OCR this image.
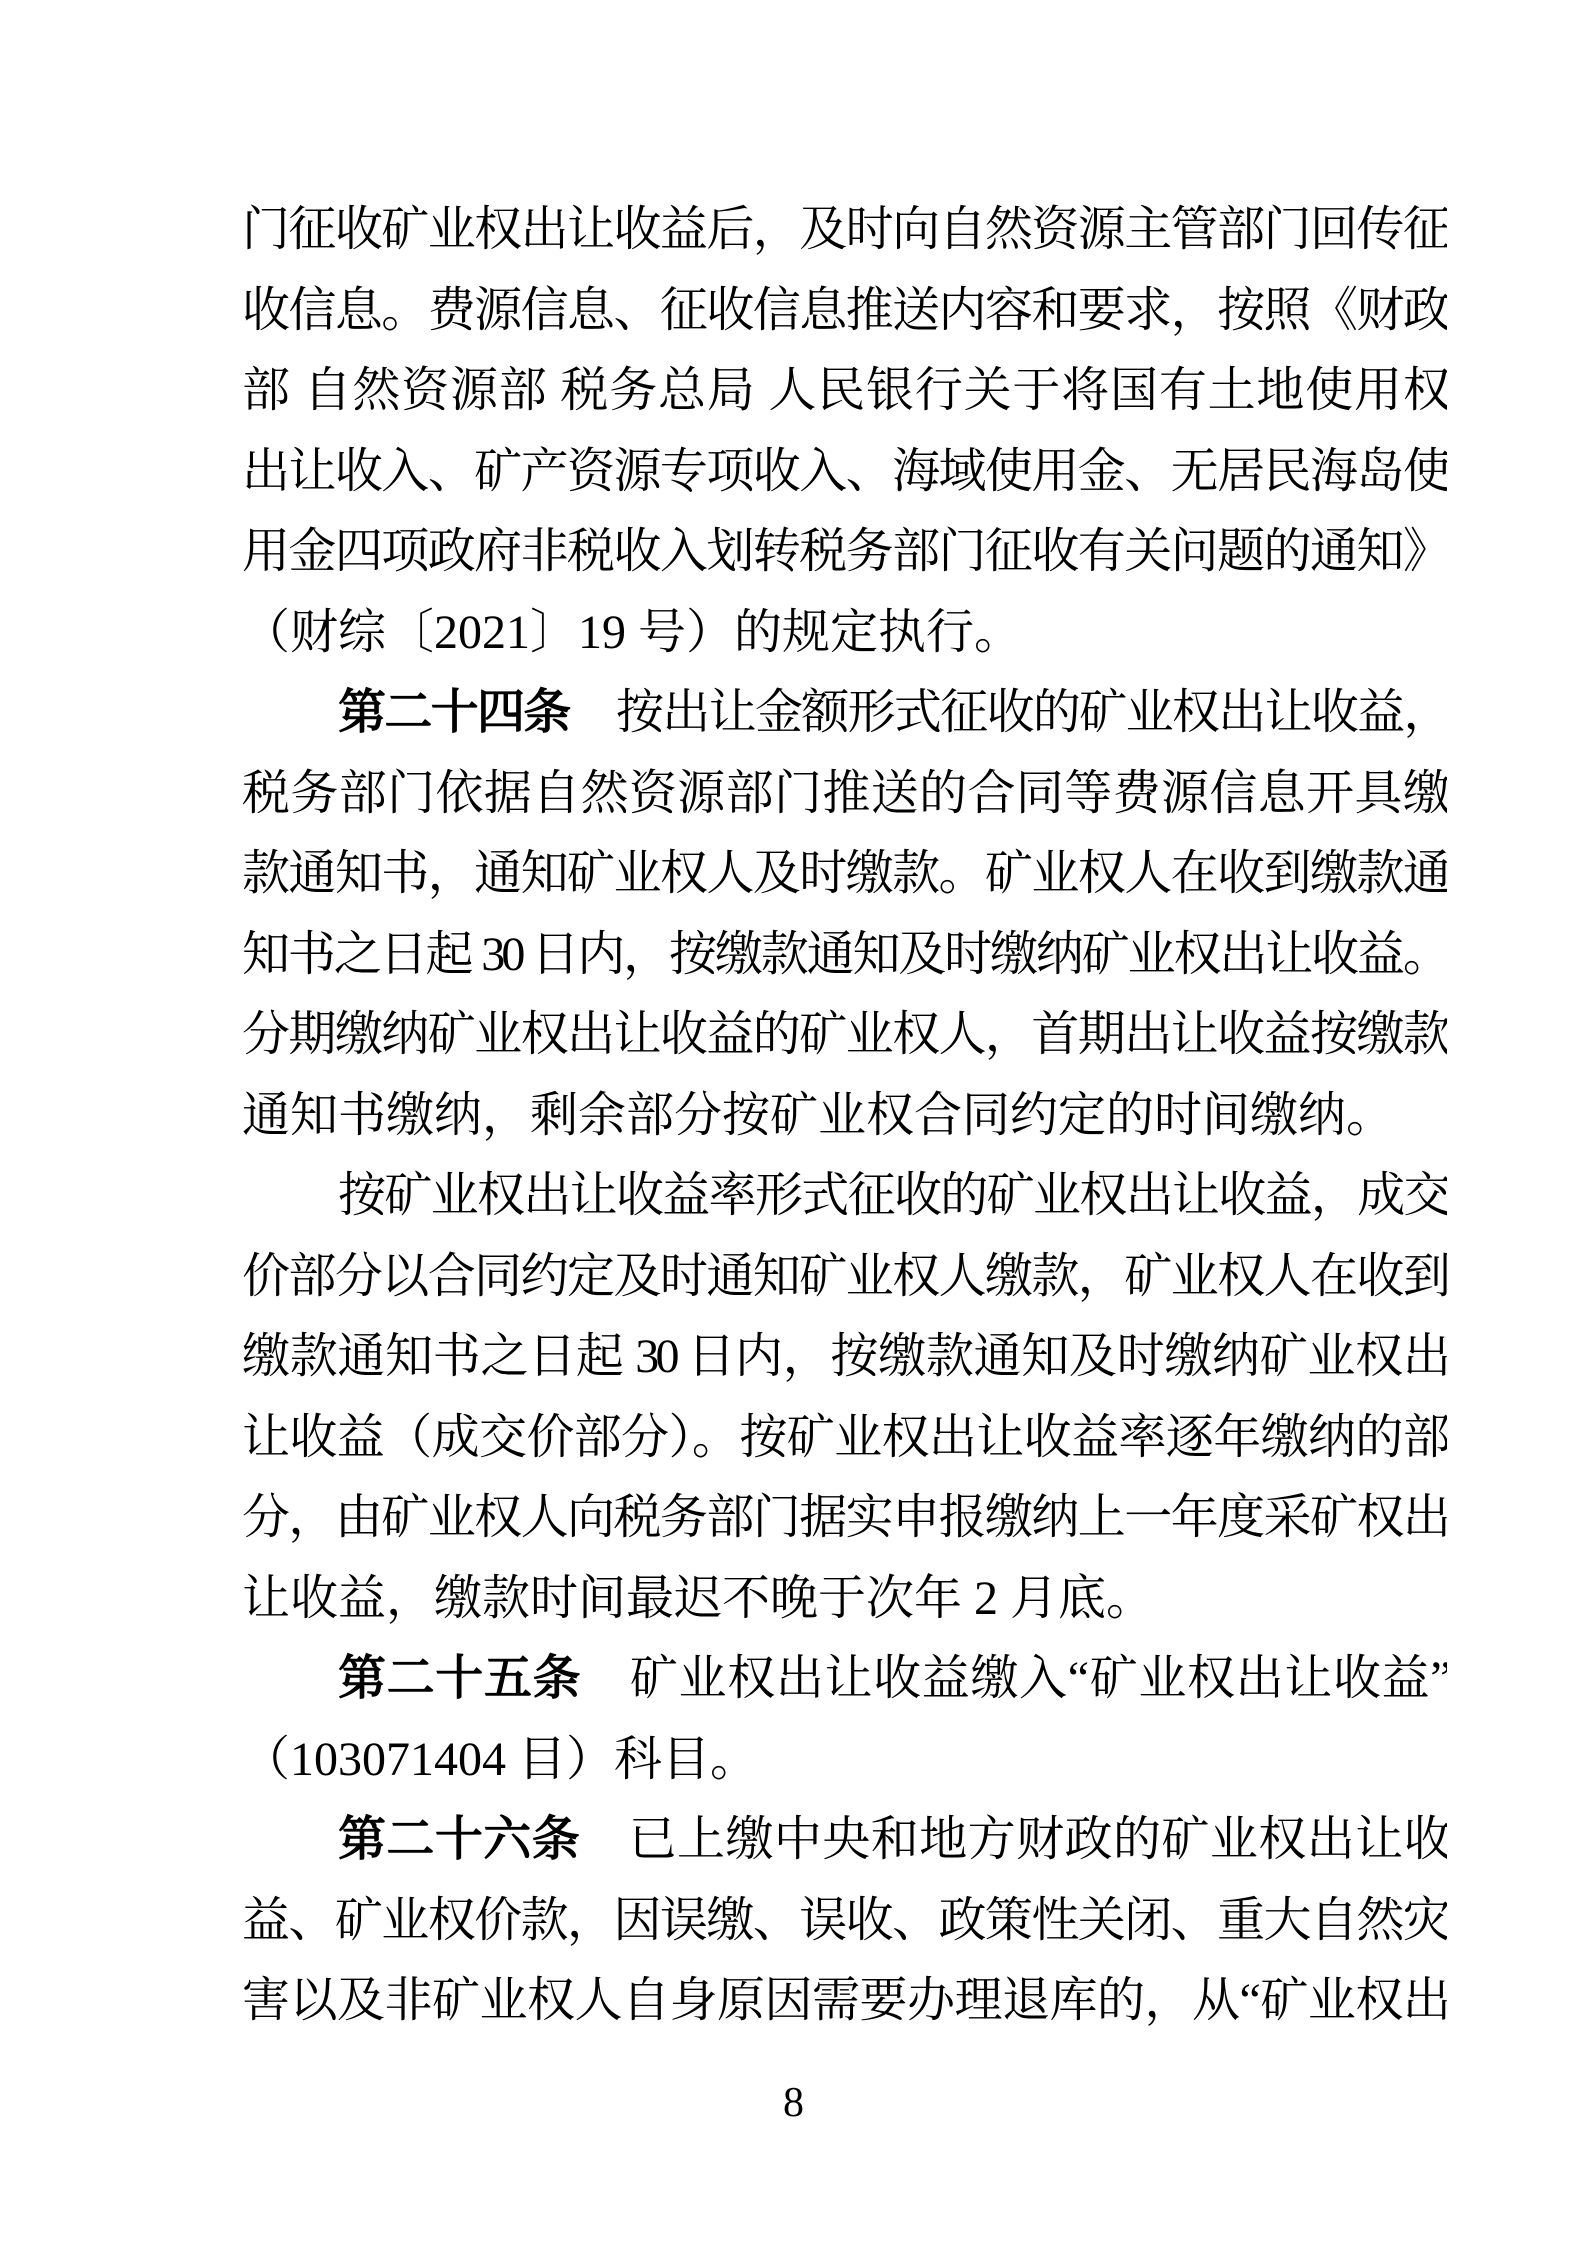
门征收矿业权出让收益后，及时向自然资源主管部门回传征
收信息。费源信息、征收信息推送内容和要求，按照《财政
部 自然资源部 税务总局 人民银行关于将国有土地使用权
出让收入、矿产资源专项收入、海域使用金、无居民海岛使
用金四项政府非税收入划转税务部门征收有关问题的通知》
（财综〔2021〕19 号）的规定执行。
第二十四条　按出让金额形式征收的矿业权出让收益，
税务部门依据自然资源部门推送的合同等费源信息开具缴
款通知书，通知矿业权人及时缴款。矿业权人在收到缴款通
知书之日起 30 日内，按缴款通知及时缴纳矿业权出让收益。
分期缴纳矿业权出让收益的矿业权人，首期出让收益按缴款
通知书缴纳，剩余部分按矿业权合同约定的时间缴纳。
按矿业权出让收益率形式征收的矿业权出让收益，成交
价部分以合同约定及时通知矿业权人缴款，矿业权人在收到
缴款通知书之日起 30 日内，按缴款通知及时缴纳矿业权出
让收益（成交价部分）。按矿业权出让收益率逐年缴纳的部
分，由矿业权人向税务部门据实申报缴纳上一年度采矿权出
让收益，缴款时间最迟不晚于次年 2 月底。
第二十五条　矿业权出让收益缴入“矿业权出让收益”
（103071404 目）科目。
第二十六条　已上缴中央和地方财政的矿业权出让收
益、矿业权价款，因误缴、误收、政策性关闭、重大自然灾
害以及非矿业权人自身原因需要办理退库的，从“矿业权出
8
